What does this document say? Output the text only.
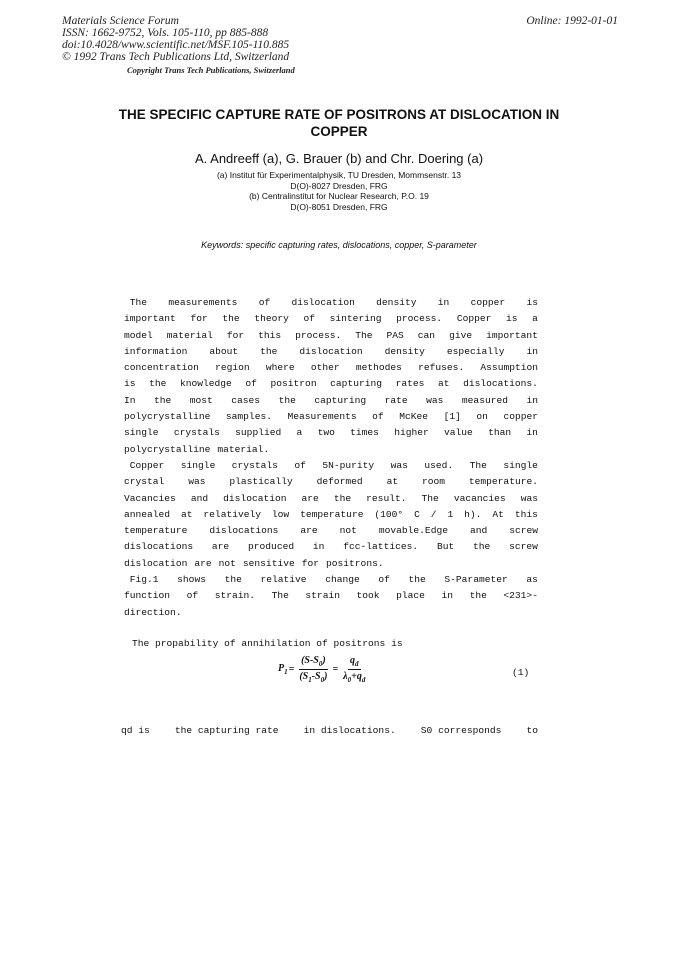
Materials Science Forum
ISSN: 1662-9752, Vols. 105-110, pp 885-888
doi:10.4028/www.scientific.net/MSF.105-110.885
© 1992 Trans Tech Publications Ltd, Switzerland
Online: 1992-01-01
Copyright Trans Tech Publications, Switzerland
THE SPECIFIC CAPTURE RATE OF POSITRONS AT DISLOCATION IN
COPPER
A. Andreeff (a), G. Brauer (b) and Chr. Doering (a)
(a) Institut für Experimentalphysik, TU Dresden, Mommsenstr. 13
D(O)-8027 Dresden, FRG
(b) Centralinstitut for Nuclear Research, P.O. 19
D(O)-8051 Dresden, FRG
Keywords: specific capturing rates, dislocations, copper, S-parameter
The measurements of dislocation density in copper is
important for the theory of sintering process. Copper is a
model material for this process. The PAS can give important
information about the dislocation density especially in
concentration region where other methodes refuses. Assumption
is the knowledge of positron capturing rates at dislocations.
In the most cases the capturing rate was measured in
polycrystalline samples. Measurements of McKee [1] on copper
single crystals supplied a two times higher value than in
polycrystalline material.
Copper single crystals of 5N-purity was used. The single
crystal was plastically deformed at room temperature.
Vacancies and dislocation are the result. The vacancies was
annealed at relatively low temperature (100° C / 1 h). At this
temperature dislocations are not movable.Edge and screw
dislocations are produced in fcc-lattices. But the screw
dislocation are not sensitive for positrons.
Fig.1 shows the relative change of the S-Parameter as
function of strain. The strain took place in the <231>-
direction.
The propability of annihilation of positrons is
$P_1 = \frac{(S-S_0)}{(S_1-S_0)} = \frac{q_d}{\lambda_0+q_d}$	(1)
qd is	the capturing rate	in dislocations.	S0 corresponds	to
